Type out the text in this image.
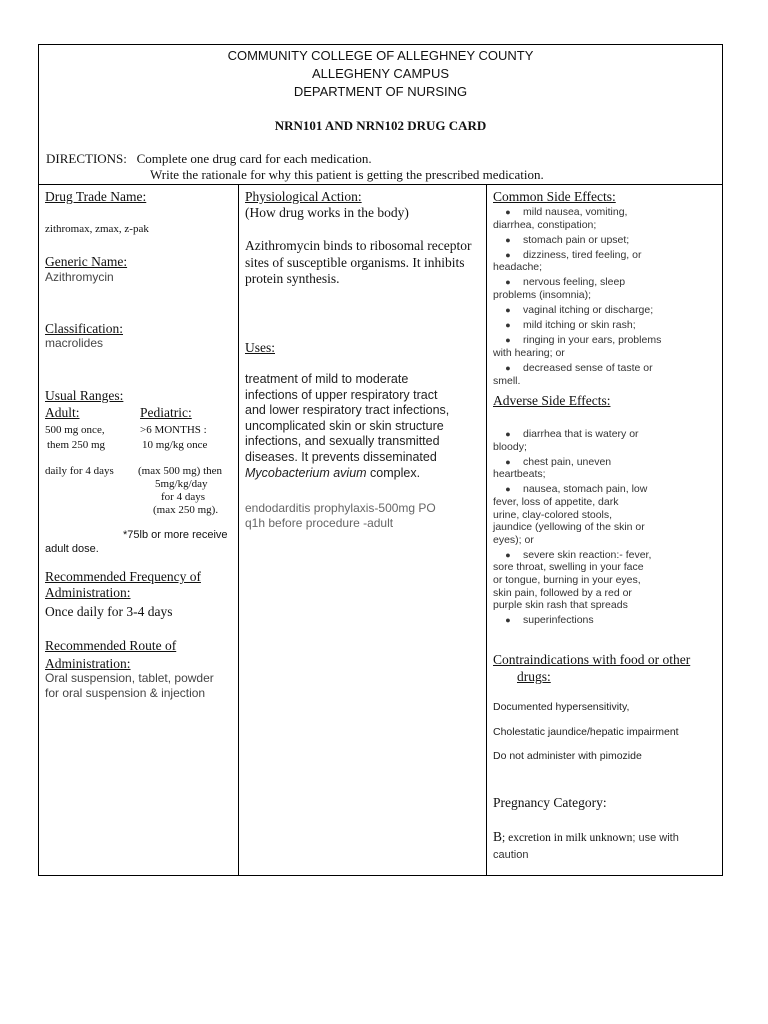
COMMUNITY COLLEGE OF ALLEGHNEY COUNTY
ALLEGHENY CAMPUS
DEPARTMENT OF NURSING
NRN101 AND NRN102 DRUG CARD
DIRECTIONS: Complete one drug card for each medication.
Write the rationale for why this patient is getting the prescribed medication.
Drug Trade Name:
zithromax, zmax, z-pak
Generic Name:
Azithromycin
Classification:
macrolides
Usual Ranges:
Adult:	Pediatric:
500 mg once,
them 250 mg
daily for 4 days
>6 MONTHS :
10 mg/kg once
(max 500 mg) then
5mg/kg/day
for 4 days
(max 250 mg).
*75lb or more receive
adult dose.
Recommended Frequency of
Administration:
Once daily for 3-4 days
Recommended Route of
Administration:
Oral suspension, tablet, powder
for oral suspension & injection
Physiological Action:
(How drug works in the body)
Azithromycin binds to ribosomal receptor
sites of susceptible organisms. It inhibits
protein synthesis.
Uses:
treatment of mild to moderate
infections of upper respiratory tract
and lower respiratory tract infections,
uncomplicated skin or skin structure
infections, and sexually transmitted
diseases. It prevents disseminated
Mycobacterium avium complex.
endodarditis prophylaxis-500mg PO
q1h before procedure -adult
Common Side Effects:
● mild nausea, vomiting,
diarrhea, constipation;
● stomach pain or upset;
● dizziness, tired feeling, or
headache;
● nervous feeling, sleep
problems (insomnia);
● vaginal itching or discharge;
● mild itching or skin rash;
● ringing in your ears, problems
with hearing; or
● decreased sense of taste or
smell.
Adverse Side Effects:
● diarrhea that is watery or
bloody;
● chest pain, uneven
heartbeats;
● nausea, stomach pain, low
fever, loss of appetite, dark
urine, clay-colored stools,
jaundice (yellowing of the skin or
eyes); or
● severe skin reaction:- fever,
sore throat, swelling in your face
or tongue, burning in your eyes,
skin pain, followed by a red or
purple skin rash that spreads
● superinfections
Contraindications with food or other
drugs:
Documented hypersensitivity,
Cholestatic jaundice/hepatic impairment
Do not administer with pimozide
Pregnancy Category:
B; excretion in milk unknown; use with
caution
